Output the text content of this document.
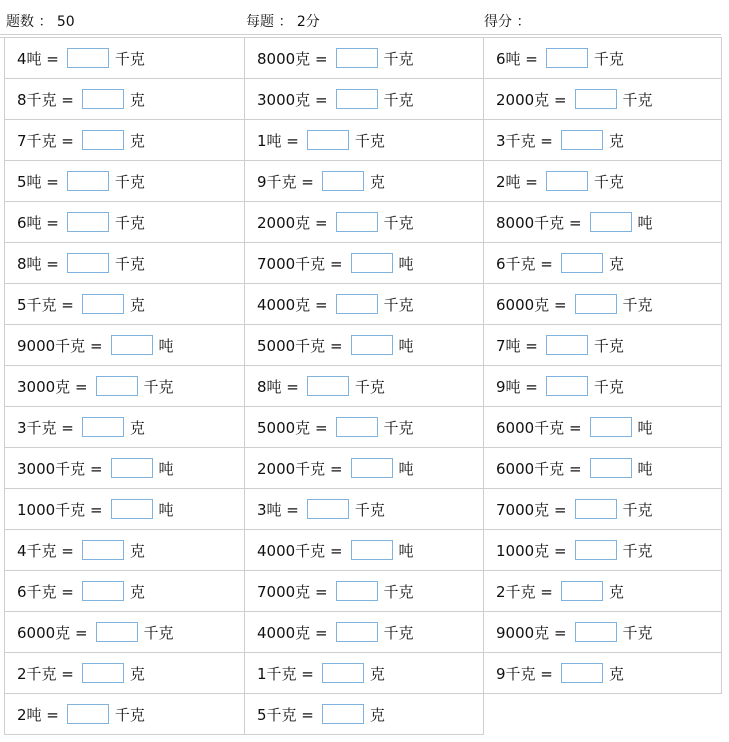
题数 ： 50	每题 ： 2分	得分 ：
4吨 = 千克	8000克 = 千克	6吨 = 千克
8千克 = 克	3000克 = 千克	2000克 = 千克
7千克 = 克	1吨 = 千克	3千克 = 克
5吨 = 千克	9千克 = 克	2吨 = 千克
6吨 = 千克	2000克 = 千克	8000千克 = 吨
8吨 = 千克	7000千克 = 吨	6千克 = 克
5千克 = 克	4000克 = 千克	6000克 = 千克
9000千克 = 吨	5000千克 = 吨	7吨 = 千克
3000克 = 千克	8吨 = 千克	9吨 = 千克
3千克 = 克	5000克 = 千克	6000千克 = 吨
3000千克 = 吨	2000千克 = 吨	6000千克 = 吨
1000千克 = 吨	3吨 = 千克	7000克 = 千克
4千克 = 克	4000千克 = 吨	1000克 = 千克
6千克 = 克	7000克 = 千克	2千克 = 克
6000克 = 千克	4000克 = 千克	9000克 = 千克
2千克 = 克	1千克 = 克	9千克 = 克
2吨 = 千克	5千克 = 克	
